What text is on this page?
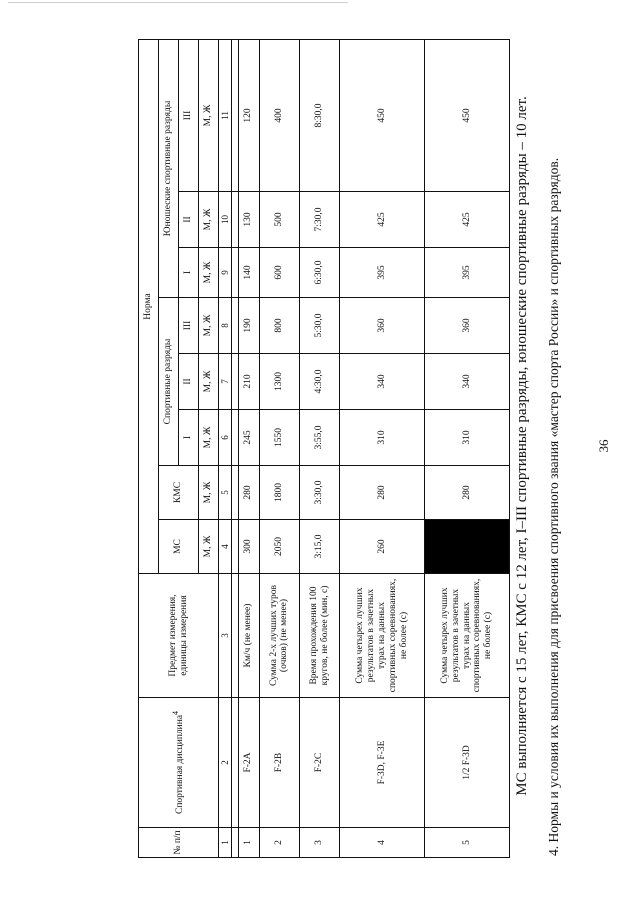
36
4. Нормы и условия их выполнения для присвоения спортивного звания «мастер спорта России» и спортивных разрядов.
МС выполняется с 15 лет, КМС с 12 лет, I–III спортивные разряды, юношеские спортивные разряды – 10 лет.
№ п/п	Спортивная дисциплина$^4$	Предмет измерения, единицы измерения	Норма							
			МС	КМС	Спортивные разряды			Юношеские спортивные разряды		
					I	II	III	I	II	III
			М, Ж	М, Ж	М, Ж	М, Ж	М, Ж	М, Ж	М, Ж	М, Ж
1	2	3	4	5	6	7	8	9	10	11

1	F-2A	Км/ч (не менее)	300	280	245	210	190	140	130	120
2	F-2B	Сумма 2-х лучших туров (очков) (не менее)	2050	1800	1550	1300	800	600	500	400
3	F-2C	Время прохождения 100 кругов, не более (мин, с)	3:15,0	3:30,0	3:55,0	4:30,0	5:30,0	6:30,0	7:30,0	8:30,0
4	F-3D, F-3E	Сумма четырех лучших результатов в зачетных турах на данных спортивных соревнованиях, не более (с)	260	280	310	340	360	395	425	450
5	1/2 F-3D	Сумма четырех лучших результатов в зачетных турах на данных спортивных соревнованиях, не более (с)		280	310	340	360	395	425	450
